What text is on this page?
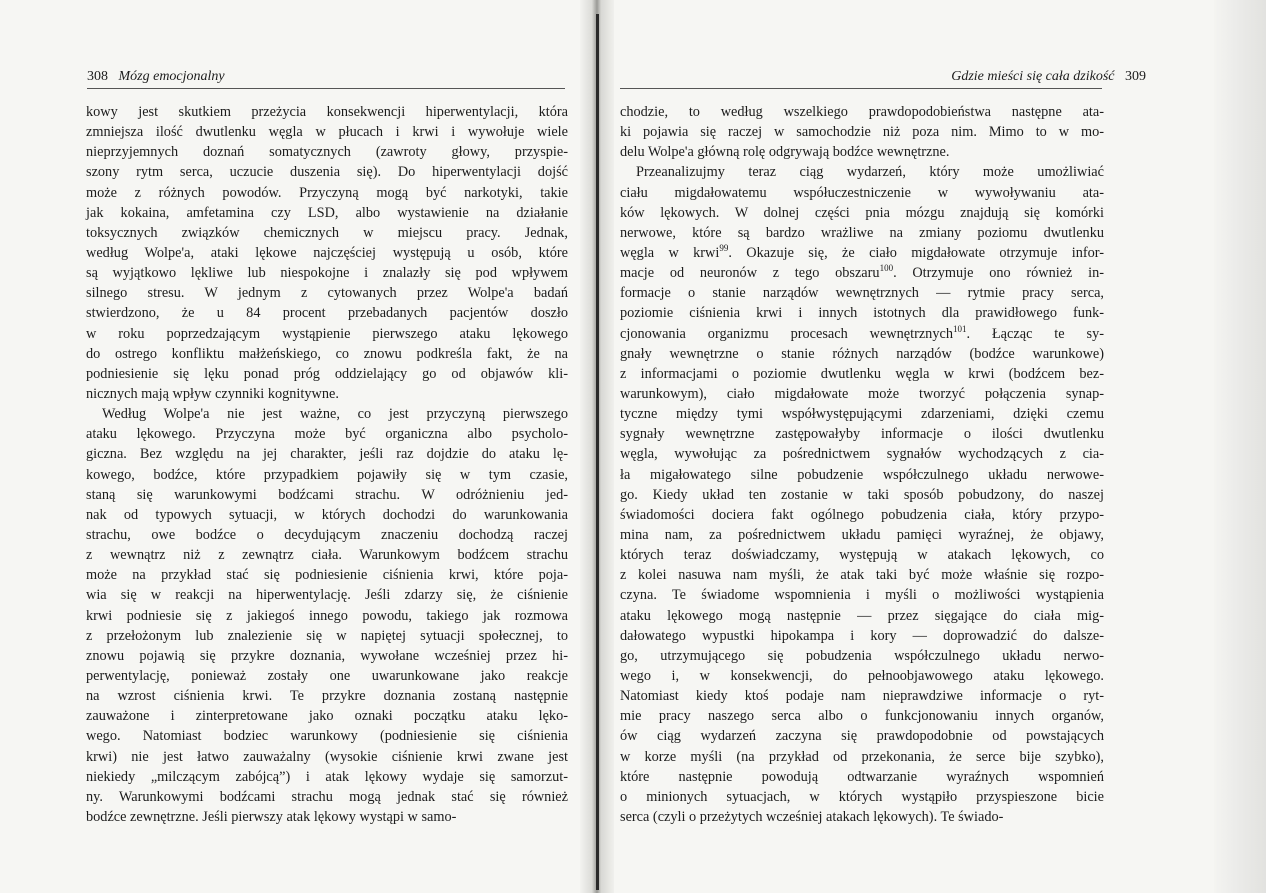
308 Mózg emocjonalny	Gdzie mieści się cała dzikość 309
kowy jest skutkiem przeżycia konsekwencji hiperwentylacji, która
zmniejsza ilość dwutlenku węgla w płucach i krwi i wywołuje wiele
nieprzyjemnych doznań somatycznych (zawroty głowy, przyspie-
szony rytm serca, uczucie duszenia się). Do hiperwentylacji dojść
może z różnych powodów. Przyczyną mogą być narkotyki, takie
jak kokaina, amfetamina czy LSD, albo wystawienie na działanie
toksycznych związków chemicznych w miejscu pracy. Jednak,
według Wolpe'a, ataki lękowe najczęściej występują u osób, które
są wyjątkowo lękliwe lub niespokojne i znalazły się pod wpływem
silnego stresu. W jednym z cytowanych przez Wolpe'a badań
stwierdzono, że u 84 procent przebadanych pacjentów doszło
w roku poprzedzającym wystąpienie pierwszego ataku lękowego
do ostrego konfliktu małżeńskiego, co znowu podkreśla fakt, że na
podniesienie się lęku ponad próg oddzielający go od objawów kli-
nicznych mają wpływ czynniki kognitywne.
Według Wolpe'a nie jest ważne, co jest przyczyną pierwszego
ataku lękowego. Przyczyna może być organiczna albo psycholo-
giczna. Bez względu na jej charakter, jeśli raz dojdzie do ataku lę-
kowego, bodźce, które przypadkiem pojawiły się w tym czasie,
staną się warunkowymi bodźcami strachu. W odróżnieniu jed-
nak od typowych sytuacji, w których dochodzi do warunkowania
strachu, owe bodźce o decydującym znaczeniu dochodzą raczej
z wewnątrz niż z zewnątrz ciała. Warunkowym bodźcem strachu
może na przykład stać się podniesienie ciśnienia krwi, które poja-
wia się w reakcji na hiperwentylację. Jeśli zdarzy się, że ciśnienie
krwi podniesie się z jakiegoś innego powodu, takiego jak rozmowa
z przełożonym lub znalezienie się w napiętej sytuacji społecznej, to
znowu pojawią się przykre doznania, wywołane wcześniej przez hi-
perwentylację, ponieważ zostały one uwarunkowane jako reakcje
na wzrost ciśnienia krwi. Te przykre doznania zostaną następnie
zauważone i zinterpretowane jako oznaki początku ataku lęko-
wego. Natomiast bodziec warunkowy (podniesienie się ciśnienia
krwi) nie jest łatwo zauważalny (wysokie ciśnienie krwi zwane jest
niekiedy „milczącym zabójcą”) i atak lękowy wydaje się samorzut-
ny. Warunkowymi bodźcami strachu mogą jednak stać się również
bodźce zewnętrzne. Jeśli pierwszy atak lękowy wystąpi w samo-
chodzie, to według wszelkiego prawdopodobieństwa następne ata-
ki pojawia się raczej w samochodzie niż poza nim. Mimo to w mo-
delu Wolpe'a główną rolę odgrywają bodźce wewnętrzne.
Przeanalizujmy teraz ciąg wydarzeń, który może umożliwiać
ciału migdałowatemu współuczestniczenie w wywoływaniu ata-
ków lękowych. W dolnej części pnia mózgu znajdują się komórki
nerwowe, które są bardzo wrażliwe na zmiany poziomu dwutlenku
węgla w krwi$^{99}$. Okazuje się, że ciało migdałowate otrzymuje infor-
macje od neuronów z tego obszaru$^{100}$. Otrzymuje ono również in-
formacje o stanie narządów wewnętrznych — rytmie pracy serca,
poziomie ciśnienia krwi i innych istotnych dla prawidłowego funk-
cjonowania organizmu procesach wewnętrznych$^{101}$. Łącząc te sy-
gnały wewnętrzne o stanie różnych narządów (bodźce warunkowe)
z informacjami o poziomie dwutlenku węgla w krwi (bodźcem bez-
warunkowym), ciało migdałowate może tworzyć połączenia synap-
tyczne między tymi współwystępującymi zdarzeniami, dzięki czemu
sygnały wewnętrzne zastępowałyby informacje o ilości dwutlenku
węgla, wywołując za pośrednictwem sygnałów wychodzących z cia-
ła migałowatego silne pobudzenie współczulnego układu nerwowe-
go. Kiedy układ ten zostanie w taki sposób pobudzony, do naszej
świadomości dociera fakt ogólnego pobudzenia ciała, który przypo-
mina nam, za pośrednictwem układu pamięci wyraźnej, że objawy,
których teraz doświadczamy, występują w atakach lękowych, co
z kolei nasuwa nam myśli, że atak taki być może właśnie się rozpo-
czyna. Te świadome wspomnienia i myśli o możliwości wystąpienia
ataku lękowego mogą następnie — przez sięgające do ciała mig-
dałowatego wypustki hipokampa i kory — doprowadzić do dalsze-
go, utrzymującego się pobudzenia współczulnego układu nerwo-
wego i, w konsekwencji, do pełnoobjawowego ataku lękowego.
Natomiast kiedy ktoś podaje nam nieprawdziwe informacje o ryt-
mie pracy naszego serca albo o funkcjonowaniu innych organów,
ów ciąg wydarzeń zaczyna się prawdopodobnie od powstających
w korze myśli (na przykład od przekonania, że serce bije szybko),
które następnie powodują odtwarzanie wyraźnych wspomnień
o minionych sytuacjach, w których wystąpiło przyspieszone bicie
serca (czyli o przeżytych wcześniej atakach lękowych). Te świado-
